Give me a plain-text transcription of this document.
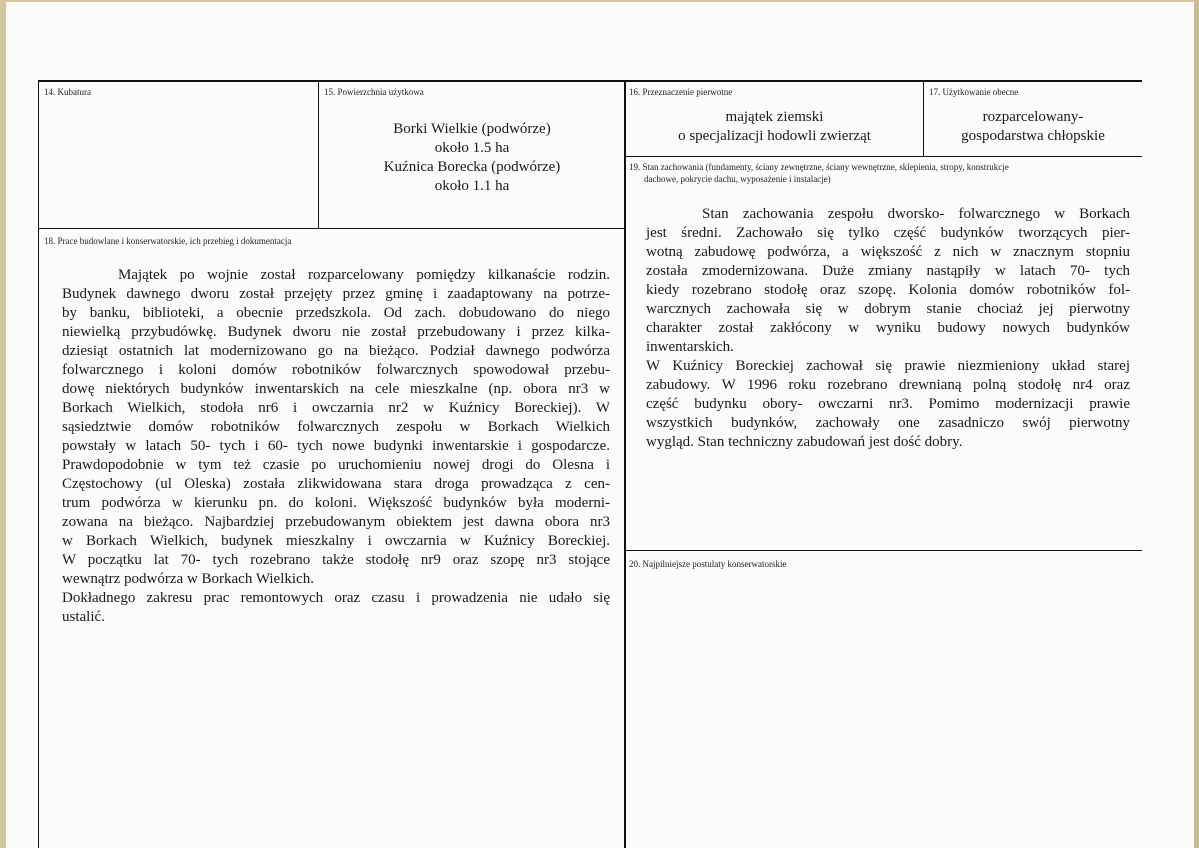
14. Kubatura	15. Powierzchnia użytkowa
Borki Wielkie (podwórze)
około 1.5 ha
Kuźnica Borecka (podwórze)
około 1.1 ha
16. Przeznaczenie pierwotne
majątek ziemski
o specjalizacji hodowli zwierząt
17. Użytkowanie obecne
rozparcelowany-
gospodarstwa chłopskie
18. Prace budowlane i konserwatorskie, ich przebieg i dokumentacja

Majątek po wojnie został rozparcelowany pomiędzy kilkanaście rodzin.

Budynek dawnego dworu został przejęty przez gminę i zaadaptowany na potrze-

by banku, biblioteki, a obecnie przedszkola. Od zach. dobudowano do niego

niewielką przybudówkę. Budynek dworu nie został przebudowany i przez kilka-

dziesiąt ostatnich lat modernizowano go na bieżąco. Podział dawnego podwórza

folwarcznego i koloni domów robotników folwarcznych spowodował przebu-

dowę niektórych budynków inwentarskich na cele mieszkalne (np. obora nr3 w

Borkach Wielkich, stodoła nr6 i owczarnia nr2 w Kuźnicy Boreckiej). W

sąsiedztwie domów robotników folwarcznych zespołu w Borkach Wielkich

powstały w latach 50- tych i 60- tych nowe budynki inwentarskie i gospodarcze.

Prawdopodobnie w tym też czasie po uruchomieniu nowej drogi do Olesna i

Częstochowy (ul Oleska) została zlikwidowana stara droga prowadząca z cen-

trum podwórza w kierunku pn. do koloni. Większość budynków była moderni-

zowana na bieżąco. Najbardziej przebudowanym obiektem jest dawna obora nr3

w Borkach Wielkich, budynek mieszkalny i owczarnia w Kuźnicy Boreckiej.

W początku lat 70- tych rozebrano także stodołę nr9 oraz szopę nr3 stojące

wewnątrz podwórza w Borkach Wielkich.

Dokładnego zakresu prac remontowych oraz czasu i prowadzenia nie udało się

ustalić.

19. Stan zachowania (fundamenty, ściany zewnętrzne, ściany wewnętrzne, sklepienia, stropy, konstrukcje
dachowe, pokrycie dachu, wyposażenie i instalacje)

Stan zachowania zespołu dworsko- folwarcznego w Borkach

jest średni. Zachowało się tylko część budynków tworzących pier-

wotną zabudowę podwórza, a większość z nich w znacznym stopniu

została zmodernizowana. Duże zmiany nastąpiły w latach 70- tych

kiedy rozebrano stodołę oraz szopę. Kolonia domów robotników fol-

warcznych zachowała się w dobrym stanie chociaż jej pierwotny

charakter został zakłócony w wyniku budowy nowych budynków

inwentarskich.

W Kuźnicy Boreckiej zachował się prawie niezmieniony układ starej

zabudowy. W 1996 roku rozebrano drewnianą polną stodołę nr4 oraz

część budynku obory- owczarni nr3. Pomimo modernizacji prawie

wszystkich budynków, zachowały one zasadniczo swój pierwotny

wygląd. Stan techniczny zabudowań jest dość dobry.

20. Najpilniejsze postulaty konserwatorskie
